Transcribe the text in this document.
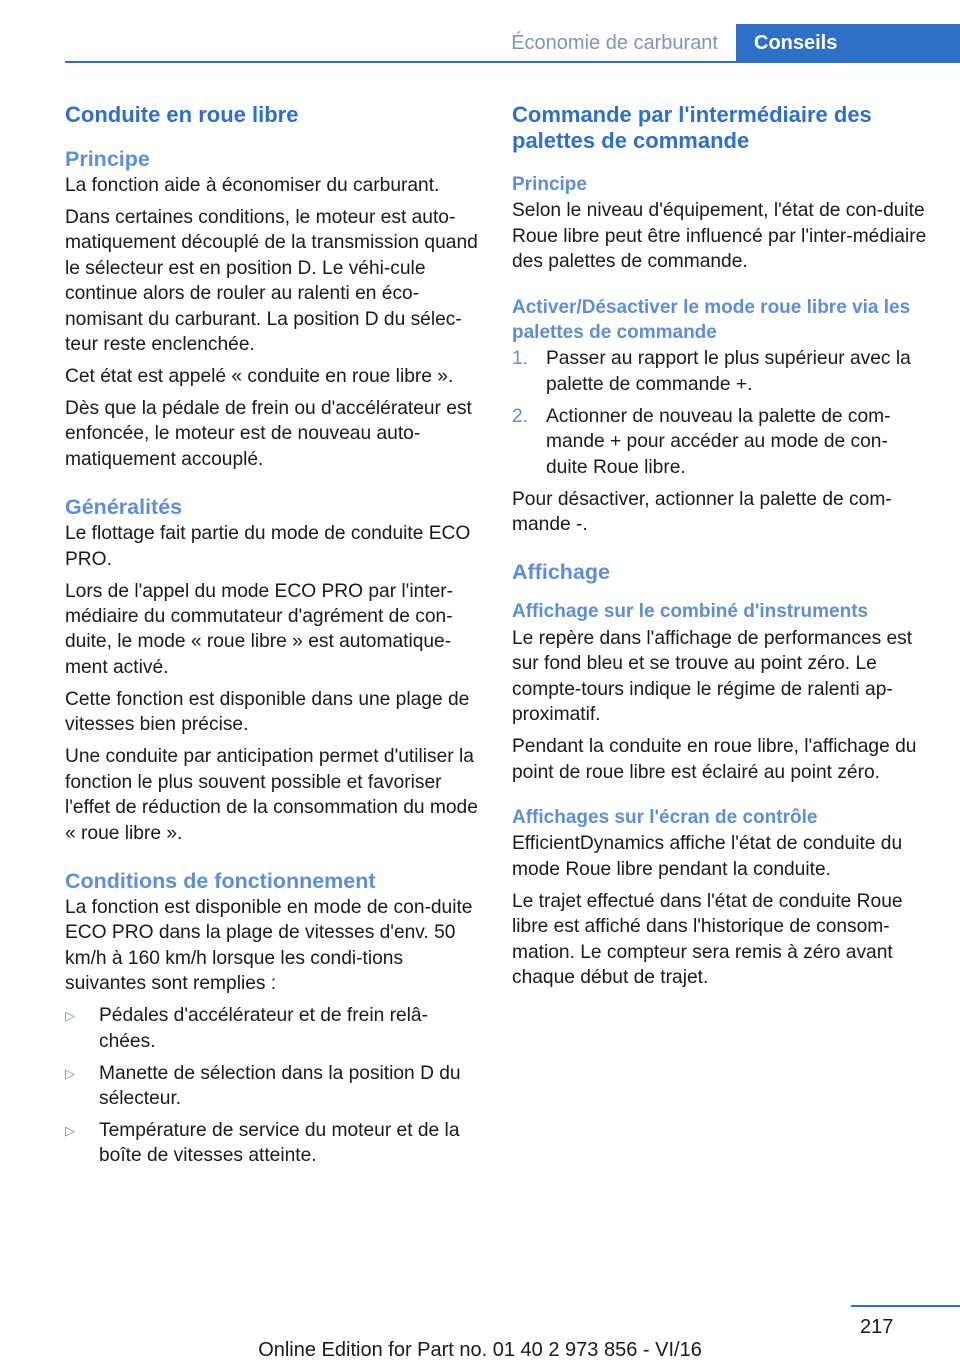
Économie de carburant	Conseils
Conduite en roue libre
Principe

La fonction aide à économiser du carburant.

Dans certaines conditions, le moteur est auto-matiquement découplé de la transmission quand le sélecteur est en position D. Le véhi-cule continue alors de rouler au ralenti en éco-nomisant du carburant. La position D du sélec-teur reste enclenchée.

Cet état est appelé « conduite en roue libre ».

Dès que la pédale de frein ou d'accélérateur est enfoncée, le moteur est de nouveau auto-matiquement accouplé.

Généralités

Le flottage fait partie du mode de conduite ECO PRO.

Lors de l'appel du mode ECO PRO par l'inter-médiaire du commutateur d'agrément de con-duite, le mode « roue libre » est automatique-ment activé.

Cette fonction est disponible dans une plage de vitesses bien précise.

Une conduite par anticipation permet d'utiliser la fonction le plus souvent possible et favoriser l'effet de réduction de la consommation du mode « roue libre ».

Conditions de fonctionnement

La fonction est disponible en mode de con-duite ECO PRO dans la plage de vitesses d'env. 50 km/h à 160 km/h lorsque les condi-tions suivantes sont remplies :

▷ Pédales d'accélérateur et de frein relâ-chées.
▷ Manette de sélection dans la position D du sélecteur.
▷ Température de service du moteur et de la boîte de vitesses atteinte.
Commande par l'intermédiaire des palettes de commande
Principe

Selon le niveau d'équipement, l'état de con-duite Roue libre peut être influencé par l'inter-médiaire des palettes de commande.

Activer/Désactiver le mode roue libre via les palettes de commande
1. Passer au rapport le plus supérieur avec la palette de commande +.
2. Actionner de nouveau la palette de com-mande + pour accéder au mode de con-duite Roue libre.

Pour désactiver, actionner la palette de com-mande -.

Affichage
Affichage sur le combiné d'instruments

Le repère dans l'affichage de performances est sur fond bleu et se trouve au point zéro. Le compte-tours indique le régime de ralenti ap-proximatif.

Pendant la conduite en roue libre, l'affichage du point de roue libre est éclairé au point zéro.

Affichages sur l'écran de contrôle

EfficientDynamics affiche l'état de conduite du mode Roue libre pendant la conduite.

Le trajet effectué dans l'état de conduite Roue libre est affiché dans l'historique de consom-mation. Le compteur sera remis à zéro avant chaque début de trajet.

217
Online Edition for Part no. 01 40 2 973 856 - VI/16
